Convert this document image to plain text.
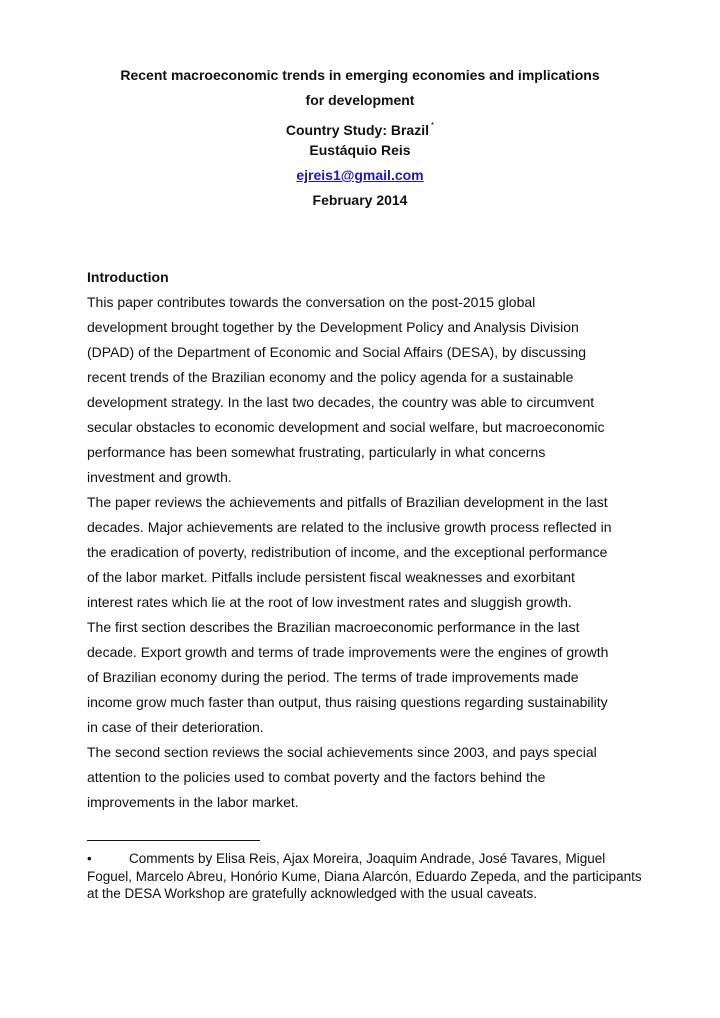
Recent macroeconomic trends in emerging economies and implications
for development
Country Study: Brazil *
Eustáquio Reis
ejreis1@gmail.com
February 2014
Introduction
This paper contributes towards the conversation on the post-2015 global
development brought together by the Development Policy and Analysis Division
(DPAD) of the Department of Economic and Social Affairs (DESA), by discussing
recent trends of the Brazilian economy and the policy agenda for a sustainable
development strategy. In the last two decades, the country was able to circumvent
secular obstacles to economic development and social welfare, but macroeconomic
performance has been somewhat frustrating, particularly in what concerns
investment and growth.
The paper reviews the achievements and pitfalls of Brazilian development in the last
decades. Major achievements are related to the inclusive growth process reflected in
the eradication of poverty, redistribution of income, and the exceptional performance
of the labor market. Pitfalls include persistent fiscal weaknesses and exorbitant
interest rates which lie at the root of low investment rates and sluggish growth.
The first section describes the Brazilian macroeconomic performance in the last
decade. Export growth and terms of trade improvements were the engines of growth
of Brazilian economy during the period. The terms of trade improvements made
income grow much faster than output, thus raising questions regarding sustainability
in case of their deterioration.
The second section reviews the social achievements since 2003, and pays special
attention to the policies used to combat poverty and the factors behind the
improvements in the labor market.
•	Comments by Elisa Reis, Ajax Moreira, Joaquim Andrade, José Tavares, Miguel Foguel, Marcelo Abreu, Honório Kume, Diana Alarcón, Eduardo Zepeda, and the participants at the DESA Workshop are gratefully acknowledged with the usual caveats.
